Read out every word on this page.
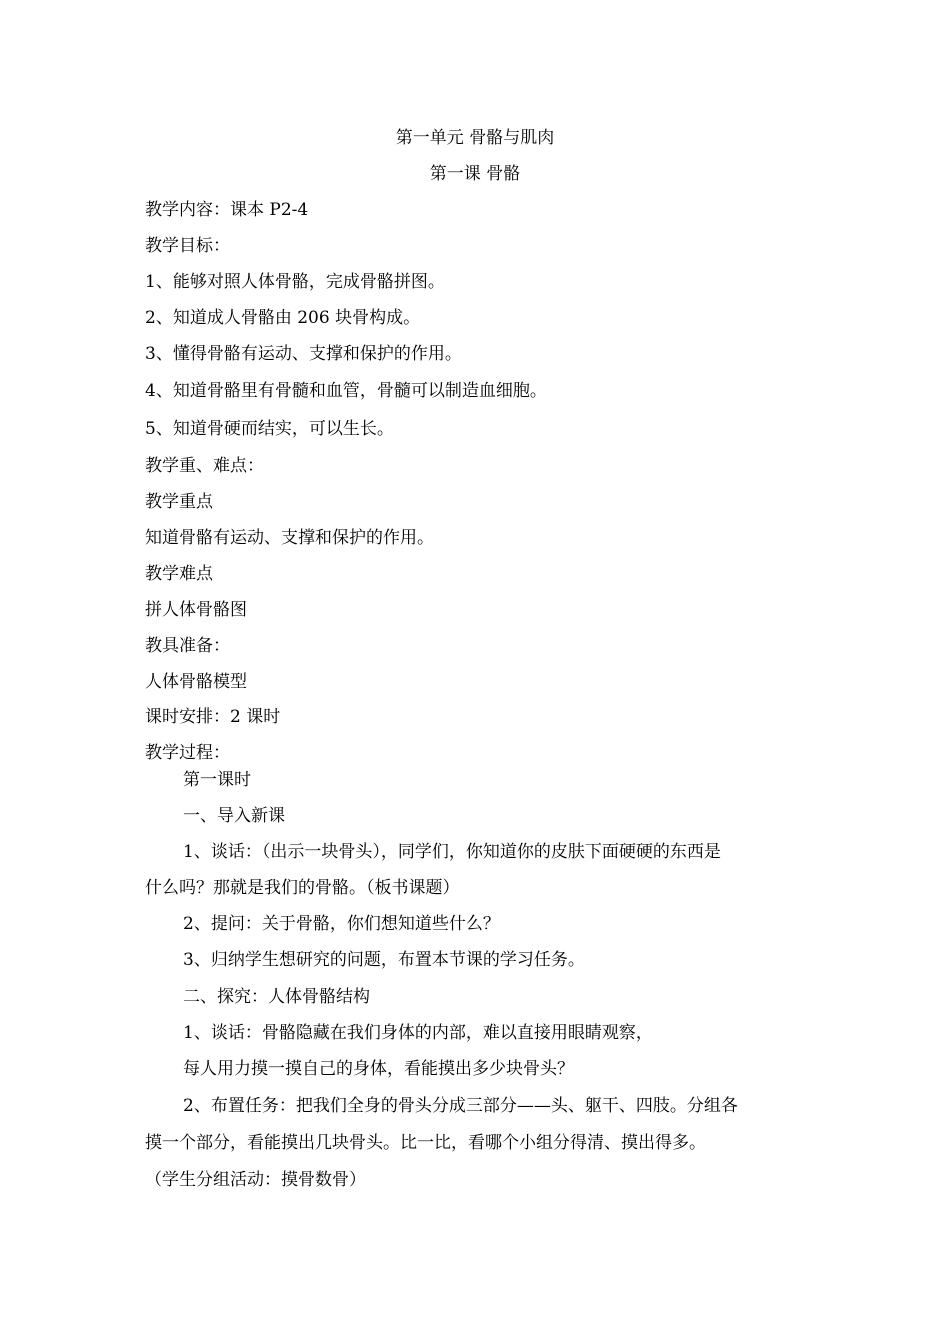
第一单元 骨骼与肌肉
第一课 骨骼
教学内容：课本 P2-4
教学目标：
1、能够对照人体骨骼，完成骨骼拼图。
2、知道成人骨骼由 206 块骨构成。
3、懂得骨骼有运动、支撑和保护的作用。
4、知道骨骼里有骨髓和血管，骨髓可以制造血细胞。
5、知道骨硬而结实，可以生长。
教学重、难点：
教学重点
知道骨骼有运动、支撑和保护的作用。
教学难点
拼人体骨骼图
教具准备：
人体骨骼模型
课时安排：2 课时
教学过程：
第一课时
一、导入新课
1、谈话：（出示一块骨头），同学们，你知道你的皮肤下面硬硬的东西是
什么吗？那就是我们的骨骼。（板书课题）
2、提问：关于骨骼，你们想知道些什么？
3、归纳学生想研究的问题，布置本节课的学习任务。
二、探究：人体骨骼结构
1、谈话：骨骼隐藏在我们身体的内部，难以直接用眼睛观察，
每人用力摸一摸自己的身体，看能摸出多少块骨头？
2、布置任务：把我们全身的骨头分成三部分——头、躯干、四肢。分组各
摸一个部分，看能摸出几块骨头。比一比，看哪个小组分得清、摸出得多。
（学生分组活动：摸骨数骨）
